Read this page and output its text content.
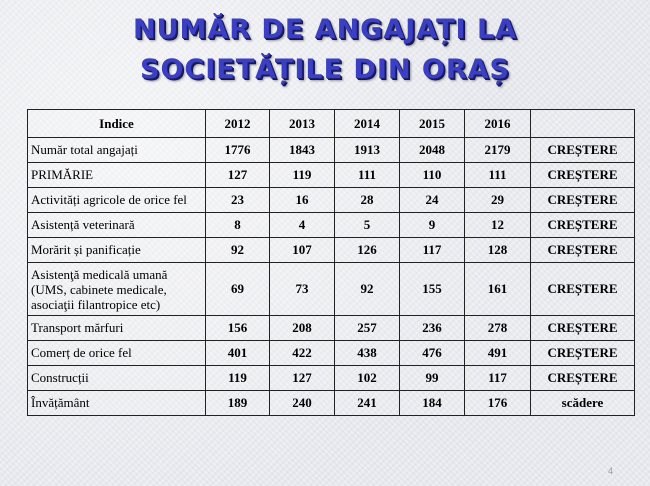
NUMĂR DE ANGAJAȚI LA
SOCIETĂȚILE DIN ORAȘ
Indice	2012	2013	2014	2015	2016	
Număr total angajați	1776	1843	1913	2048	2179	CREȘTERE
PRIMĂRIE	127	119	111	110	111	CREȘTERE
Activități agricole de orice fel	23	16	28	24	29	CREȘTERE
Asistență veterinară	8	4	5	9	12	CREȘTERE
Morărit și panificație	92	107	126	117	128	CREȘTERE
Asistenţă medicală umană (UMS, cabinete medicale, asociaţii filantropice etc)	69	73	92	155	161	CREȘTERE
Transport mărfuri	156	208	257	236	278	CREȘTERE
Comerț de orice fel	401	422	438	476	491	CREȘTERE
Construcții	119	127	102	99	117	CREȘTERE
Învățământ	189	240	241	184	176	scădere
4
